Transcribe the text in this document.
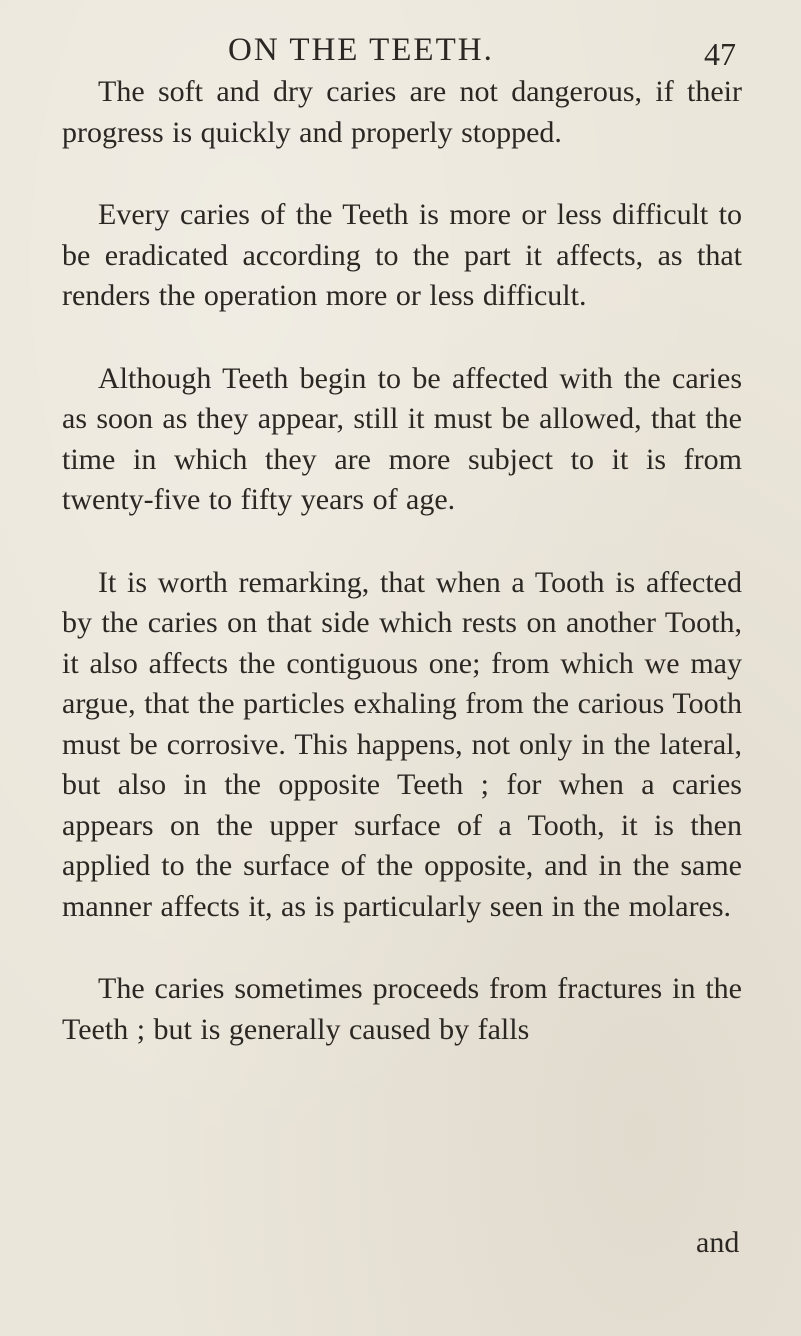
ON THE TEETH.	47

The soft and dry caries are not dangerous, if their progress is quickly and properly stopped.

Every caries of the Teeth is more or less difficult to be eradicated according to the part it affects, as that renders the operation more or less difficult.

Although Teeth begin to be affected with the caries as soon as they appear, still it must be allowed, that the time in which they are more subject to it is from twenty-five to fifty years of age.

It is worth remarking, that when a Tooth is affected by the caries on that side which rests on another Tooth, it also affects the contiguous one; from which we may argue, that the particles exhaling from the carious Tooth must be corrosive. This happens, not only in the lateral, but also in the opposite Teeth ; for when a caries appears on the upper surface of a Tooth, it is then applied to the surface of the opposite, and in the same manner affects it, as is particularly seen in the molares.

The caries sometimes proceeds from fractures in the Teeth ; but is generally caused by falls

and
